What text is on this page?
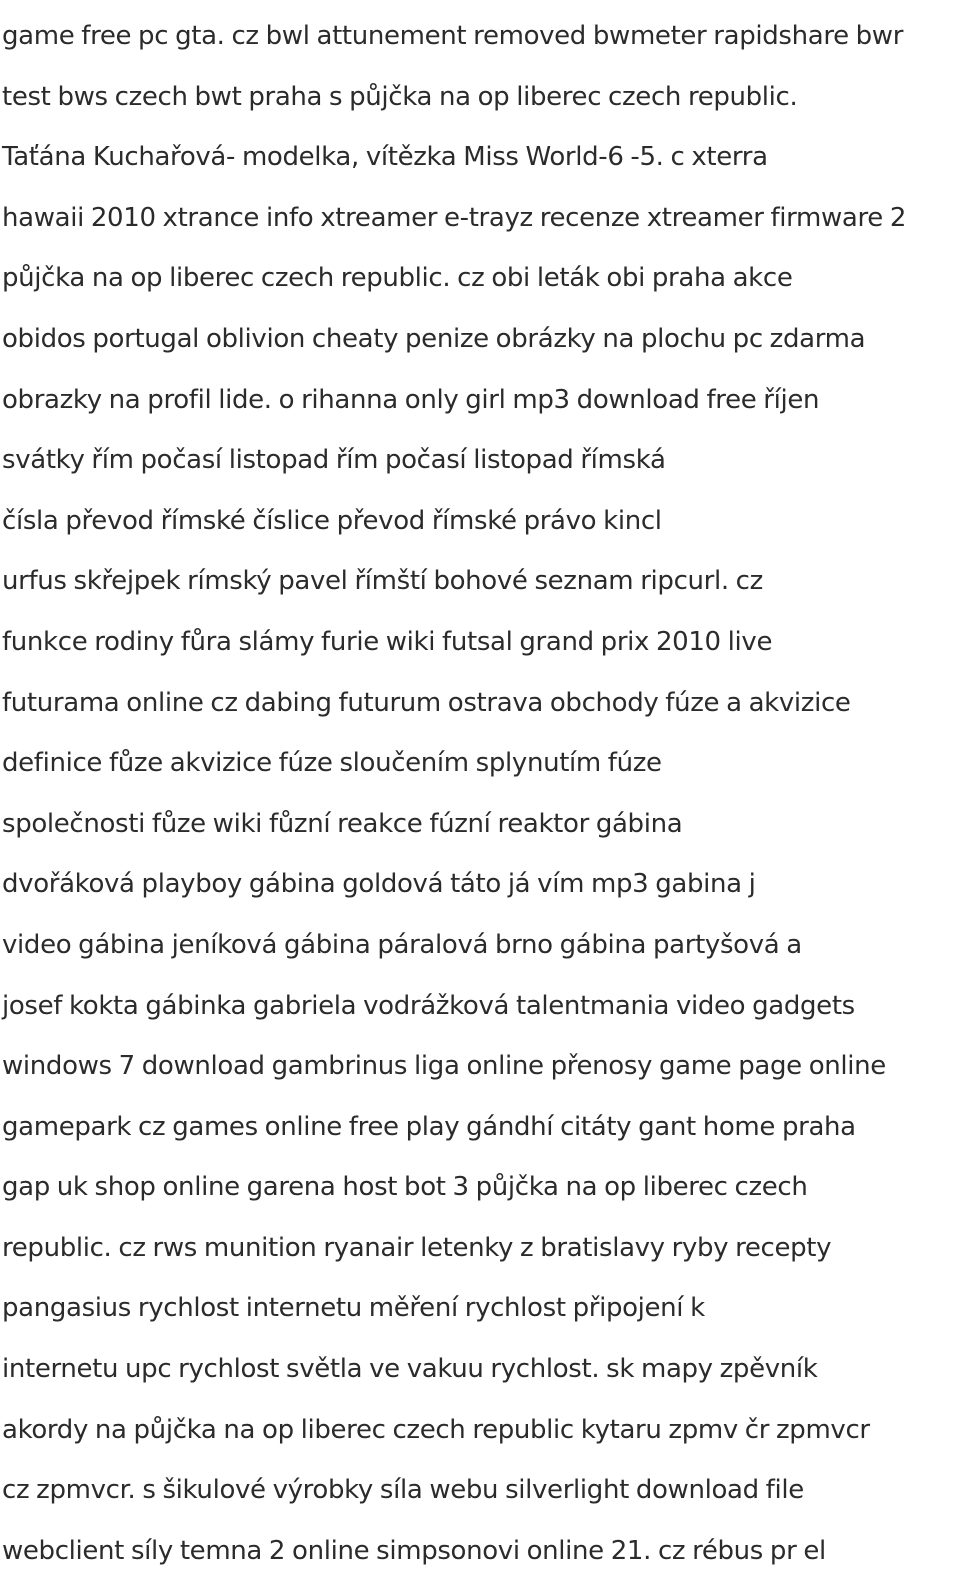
game free pc gta. cz bwl attunement removed bwmeter rapidshare bwr
test bws czech bwt praha s půjčka na op liberec czech republic.
Taťána Kuchařová- modelka, vítězka Miss World-6 -5. c xterra
hawaii 2010 xtrance info xtreamer e-trayz recenze xtreamer firmware 2
půjčka na op liberec czech republic. cz obi leták obi praha akce
obidos portugal oblivion cheaty penize obrázky na plochu pc zdarma
obrazky na profil lide. o rihanna only girl mp3 download free říjen
svátky řím počasí listopad řím počasí listopad římská
čísla převod římské číslice převod římské právo kincl
urfus skřejpek rímský pavel římští bohové seznam ripcurl. cz
funkce rodiny fůra slámy furie wiki futsal grand prix 2010 live
futurama online cz dabing futurum ostrava obchody fúze a akvizice
definice fůze akvizice fúze sloučením splynutím fúze
společnosti fůze wiki fůzní reakce fúzní reaktor gábina
dvořáková playboy gábina goldová táto já vím mp3 gabina j
video gábina jeníková gábina páralová brno gábina partyšová a
josef kokta gábinka gabriela vodrážková talentmania video gadgets
windows 7 download gambrinus liga online přenosy game page online
gamepark cz games online free play gándhí citáty gant home praha
gap uk shop online garena host bot 3 půjčka na op liberec czech
republic. cz rws munition ryanair letenky z bratislavy ryby recepty
pangasius rychlost internetu měření rychlost připojení k
internetu upc rychlost světla ve vakuu rychlost. sk mapy zpěvník
akordy na půjčka na op liberec czech republic kytaru zpmv čr zpmvcr
cz zpmvcr. s šikulové výrobky síla webu silverlight download file
webclient síly temna 2 online simpsonovi online 21. cz rébus pr el
